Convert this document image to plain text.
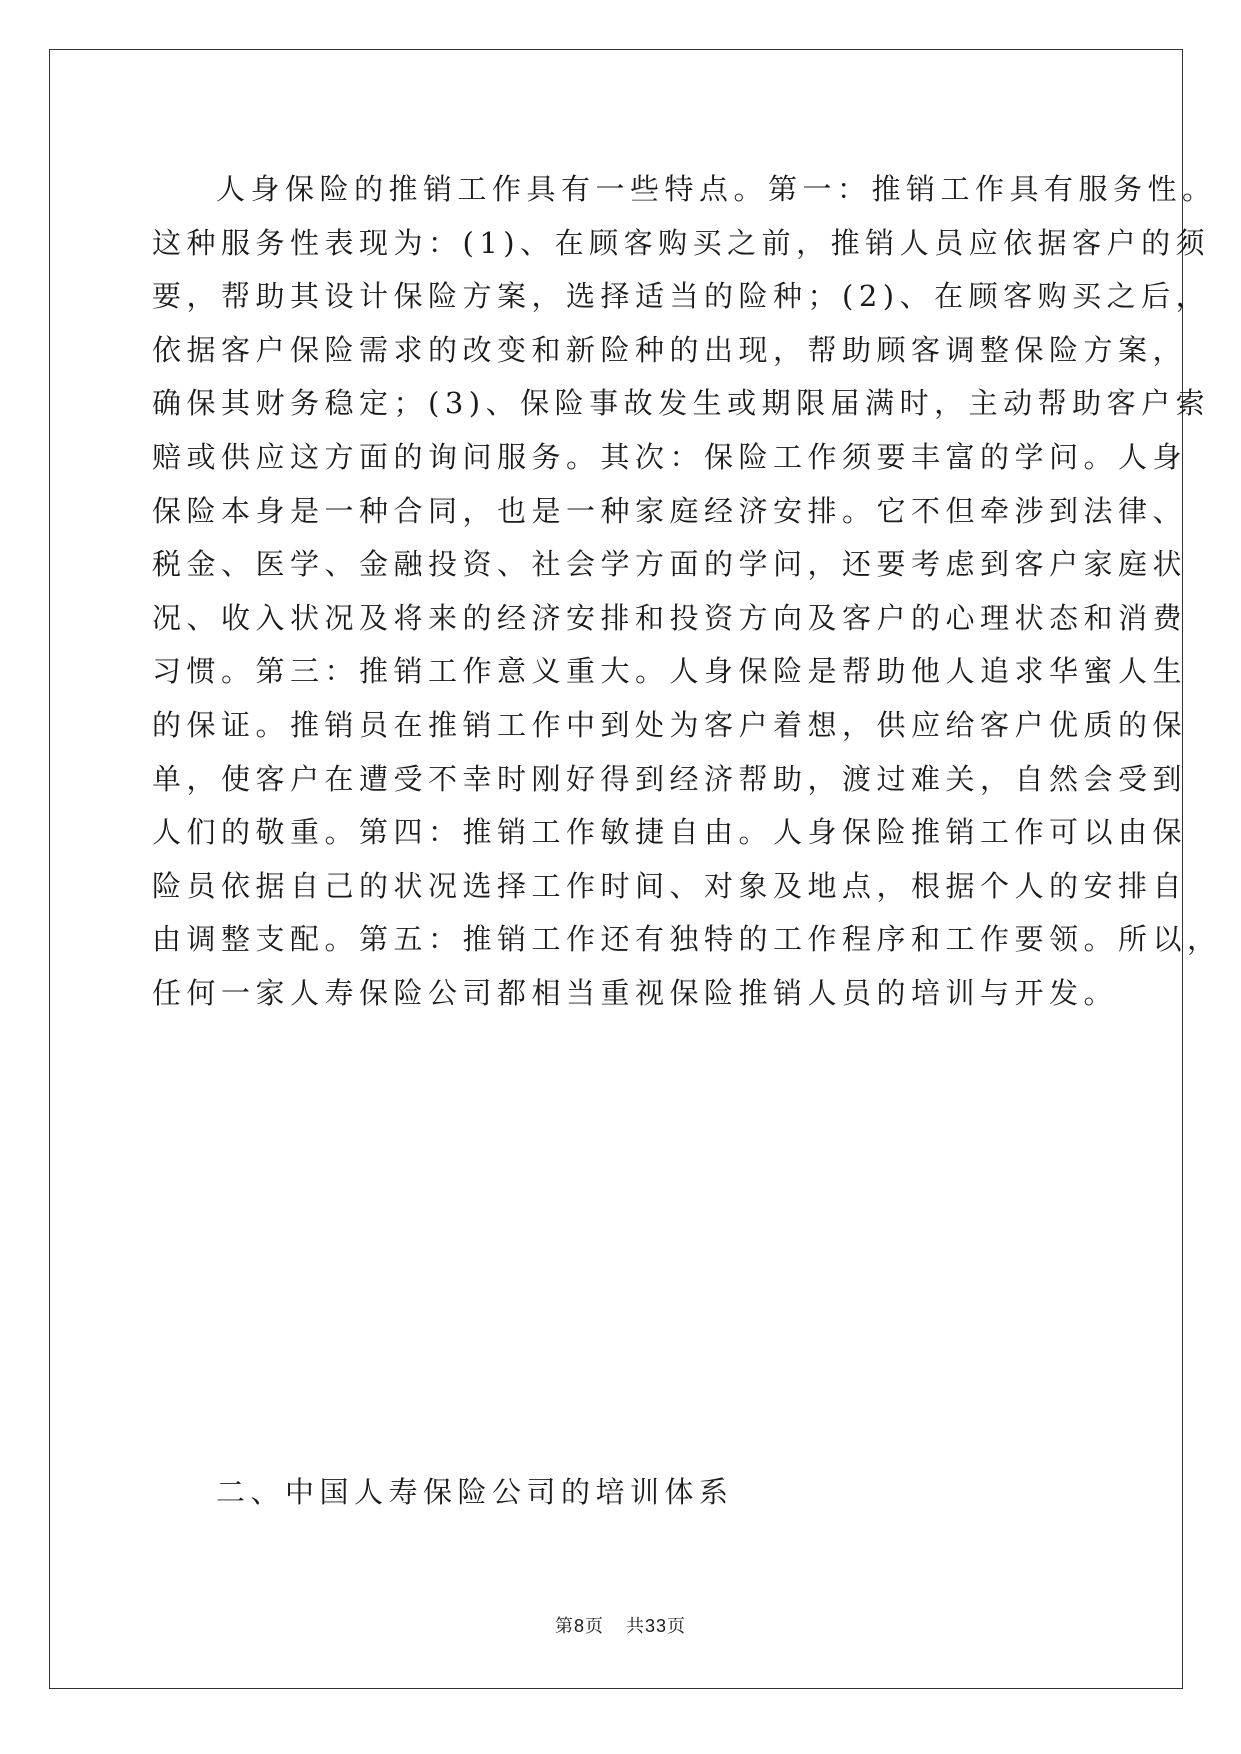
人身保险的推销工作具有一些特点。第一：推销工作具有服务性。
这种服务性表现为：(1)、在顾客购买之前，推销人员应依据客户的须
要，帮助其设计保险方案，选择适当的险种；(2)、在顾客购买之后，
依据客户保险需求的改变和新险种的出现，帮助顾客调整保险方案，
确保其财务稳定；(3)、保险事故发生或期限届满时，主动帮助客户索
赔或供应这方面的询问服务。其次：保险工作须要丰富的学问。人身
保险本身是一种合同，也是一种家庭经济安排。它不但牵涉到法律、
税金、医学、金融投资、社会学方面的学问，还要考虑到客户家庭状
况、收入状况及将来的经济安排和投资方向及客户的心理状态和消费
习惯。第三：推销工作意义重大。人身保险是帮助他人追求华蜜人生
的保证。推销员在推销工作中到处为客户着想，供应给客户优质的保
单，使客户在遭受不幸时刚好得到经济帮助，渡过难关，自然会受到
人们的敬重。第四：推销工作敏捷自由。人身保险推销工作可以由保
险员依据自己的状况选择工作时间、对象及地点，根据个人的安排自
由调整支配。第五：推销工作还有独特的工作程序和工作要领。所以，
任何一家人寿保险公司都相当重视保险推销人员的培训与开发。
二、中国人寿保险公司的培训体系
第8页 共33页
